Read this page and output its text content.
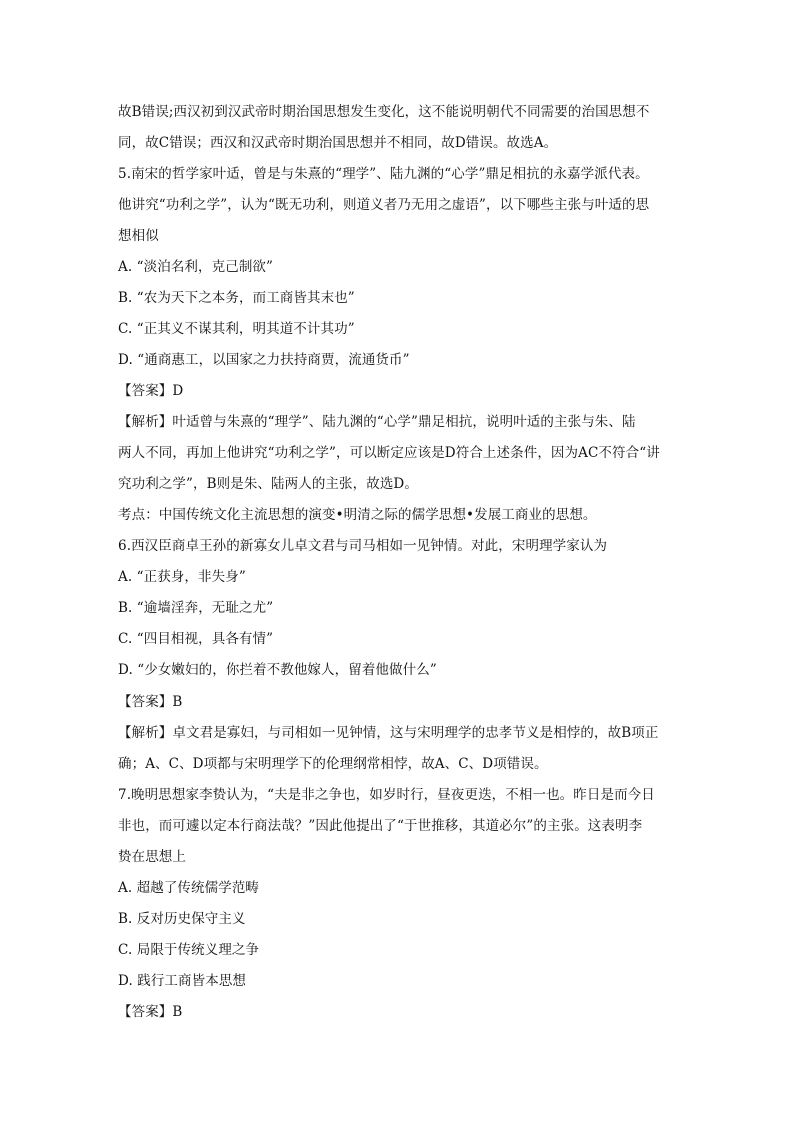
故B错误;西汉初到汉武帝时期治国思想发生变化，这不能说明朝代不同需要的治国思想不
同，故C错误；西汉和汉武帝时期治国思想并不相同，故D错误。故选A。
5.南宋的哲学家叶适，曾是与朱熹的“理学”、陆九渊的“心学”鼎足相抗的永嘉学派代表。
他讲究“功利之学”，认为“既无功利，则道义者乃无用之虚语”，以下哪些主张与叶适的思
想相似
A. “淡泊名利，克己制欲”
B. “农为天下之本务，而工商皆其末也”
C. “正其义不谋其利，明其道不计其功”
D. “通商惠工，以国家之力扶持商贾，流通货币”
【答案】D
【解析】叶适曾与朱熹的“理学”、陆九渊的“心学”鼎足相抗，说明叶适的主张与朱、陆
两人不同，再加上他讲究“功利之学”，可以断定应该是D符合上述条件，因为AC不符合“讲
究功利之学”，B则是朱、陆两人的主张，故选D。
考点：中国传统文化主流思想的演变•明清之际的儒学思想•发展工商业的思想。
6.西汉臣商卓王孙的新寡女儿卓文君与司马相如一见钟情。对此，宋明理学家认为
A. “正获身，非失身”
B. “逾墙淫奔，无耻之尤”
C. “四目相视，具各有情”
D. “少女嫩妇的，你拦着不教他嫁人，留着他做什么”
【答案】B
【解析】卓文君是寡妇，与司相如一见钟情，这与宋明理学的忠孝节义是相悖的，故B项正
确；A、C、D项都与宋明理学下的伦理纲常相悖，故A、C、D项错误。
7.晚明思想家李贽认为，“夫是非之争也，如岁时行，昼夜更迭，不相一也。昨日是而今日
非也，而可遽以定本行商法哉？”因此他提出了“于世推移，其道必尔”的主张。这表明李
贽在思想上
A. 超越了传统儒学范畴
B. 反对历史保守主义
C. 局限于传统义理之争
D. 践行工商皆本思想
【答案】B
